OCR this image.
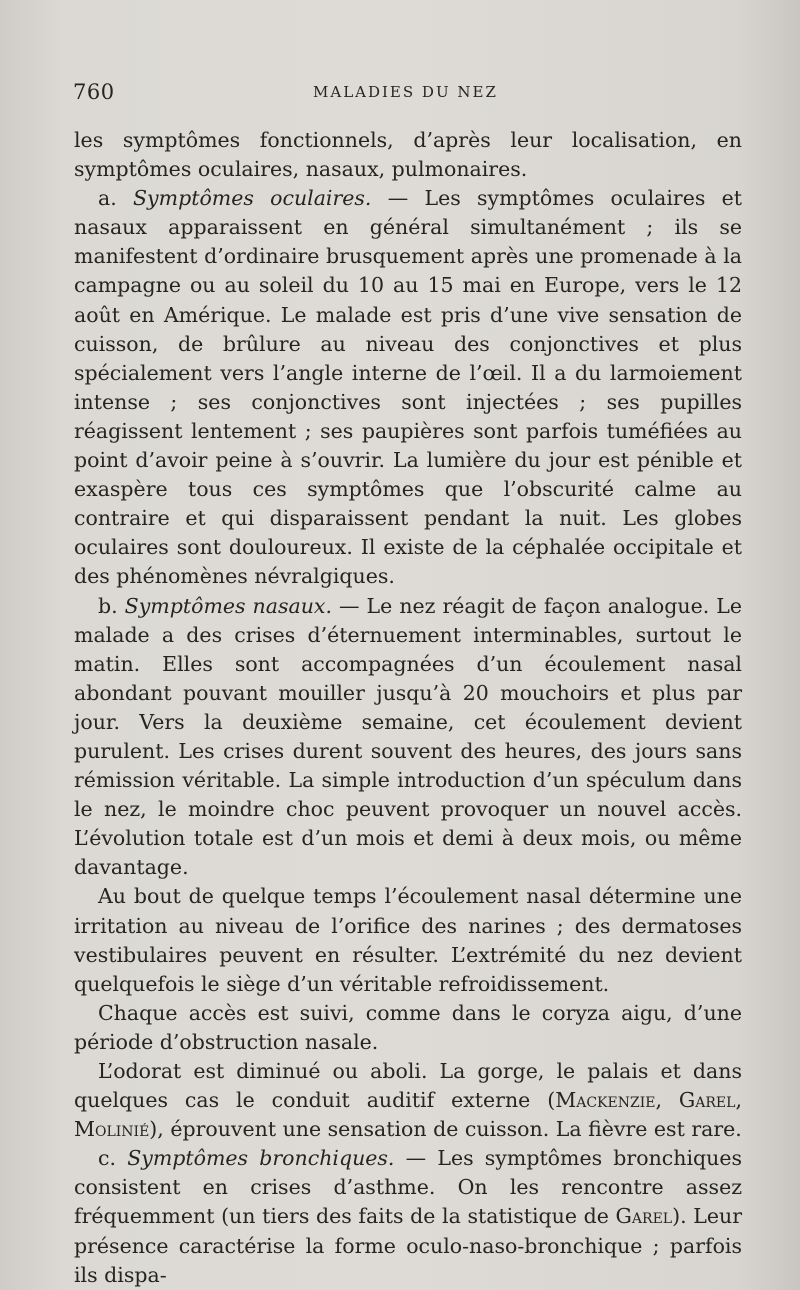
760	MALADIES DU NEZ

les symptômes fonctionnels, d’après leur localisation, en symptômes oculaires, nasaux, pulmonaires.

a. Symptômes oculaires. — Les symptômes oculaires et nasaux apparaissent en général simultanément ; ils se manifestent d’ordinaire brusquement après une promenade à la campagne ou au soleil du 10 au 15 mai en Europe, vers le 12 août en Amérique. Le malade est pris d’une vive sensation de cuisson, de brûlure au niveau des conjonctives et plus spécialement vers l’angle interne de l’œil. Il a du larmoiement intense ; ses conjonctives sont injectées ; ses pupilles réagissent lentement ; ses paupières sont parfois tuméfiées au point d’avoir peine à s’ouvrir. La lumière du jour est pénible et exaspère tous ces symptômes que l’obscurité calme au contraire et qui disparaissent pendant la nuit. Les globes oculaires sont douloureux. Il existe de la céphalée occipitale et des phénomènes névralgiques.

b. Symptômes nasaux. — Le nez réagit de façon analogue. Le malade a des crises d’éternuement interminables, surtout le matin. Elles sont accompagnées d’un écoulement nasal abondant pouvant mouiller jusqu’à 20 mouchoirs et plus par jour. Vers la deuxième semaine, cet écoulement devient purulent. Les crises durent souvent des heures, des jours sans rémission véritable. La simple introduction d’un spéculum dans le nez, le moindre choc peuvent provoquer un nouvel accès. L’évolution totale est d’un mois et demi à deux mois, ou même davantage.

Au bout de quelque temps l’écoulement nasal détermine une irritation au niveau de l’orifice des narines ; des dermatoses vestibulaires peuvent en résulter. L’extrémité du nez devient quelquefois le siège d’un véritable refroidissement.

Chaque accès est suivi, comme dans le coryza aigu, d’une période d’obstruction nasale.

L’odorat est diminué ou aboli. La gorge, le palais et dans quelques cas le conduit auditif externe (Mackenzie, Garel, Molinié), éprouvent une sensation de cuisson. La fièvre est rare.

c. Symptômes bronchiques. — Les symptômes bronchiques consistent en crises d’asthme. On les rencontre assez fréquemment (un tiers des faits de la statistique de Garel). Leur présence caractérise la forme oculo-naso-bronchique ; parfois ils dispa-
